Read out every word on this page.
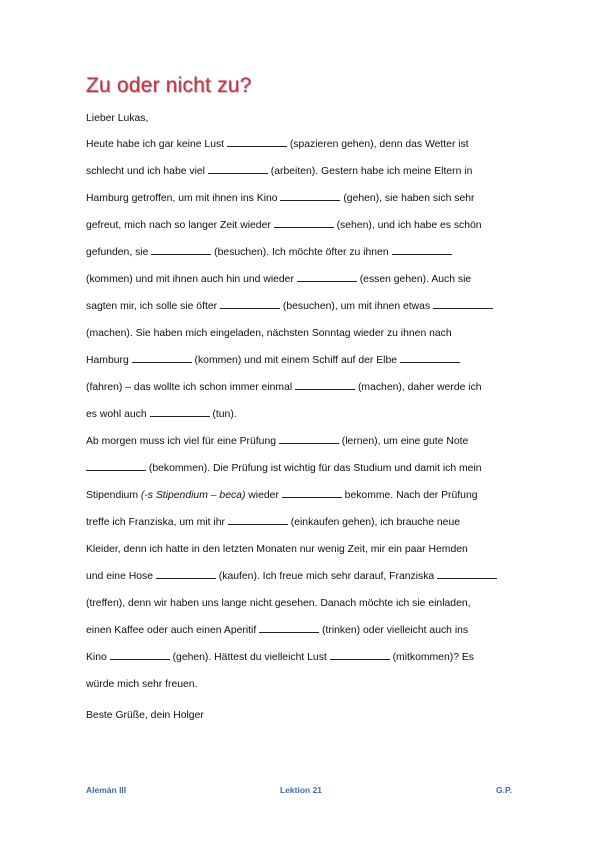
Zu oder nicht zu?

Lieber Lukas,

Heute habe ich gar keine Lust	(spazieren gehen), denn das Wetter ist
schlecht und ich habe viel	(arbeiten). Gestern habe ich meine Eltern in
Hamburg getroffen, um mit ihnen ins Kino	(gehen), sie haben sich sehr
gefreut, mich nach so langer Zeit wieder	(sehen), und ich habe es schön
gefunden, sie	(besuchen). Ich möchte öfter zu ihnen
(kommen) und mit ihnen auch hin und wieder	(essen gehen). Auch sie
sagten mir, ich solle sie öfter	(besuchen), um mit ihnen etwas
(machen). Sie haben mich eingeladen, nächsten Sonntag wieder zu ihnen nach
Hamburg	(kommen) und mit einem Schiff auf der Elbe
(fahren) – das wollte ich schon immer einmal	(machen), daher werde ich
es wohl auch	(tun).
Ab morgen muss ich viel für eine Prüfung	(lernen), um eine gute Note
(bekommen). Die Prüfung ist wichtig für das Studium und damit ich mein
Stipendium (-s Stipendium – beca) wieder	bekomme. Nach der Prüfung
treffe ich Franziska, um mit ihr	(einkaufen gehen), ich brauche neue
Kleider, denn ich hatte in den letzten Monaten nur wenig Zeit, mir ein paar Hemden
und eine Hose	(kaufen). Ich freue mich sehr darauf, Franziska
(treffen), denn wir haben uns lange nicht gesehen. Danach möchte ich sie einladen,
einen Kaffee oder auch einen Aperitif	(trinken) oder vielleicht auch ins
Kino	(gehen). Hättest du vielleicht Lust	(mitkommen)? Es
würde mich sehr freuen.

Beste Grüße, dein Holger

Alemán III	Lektion 21	G.P.
